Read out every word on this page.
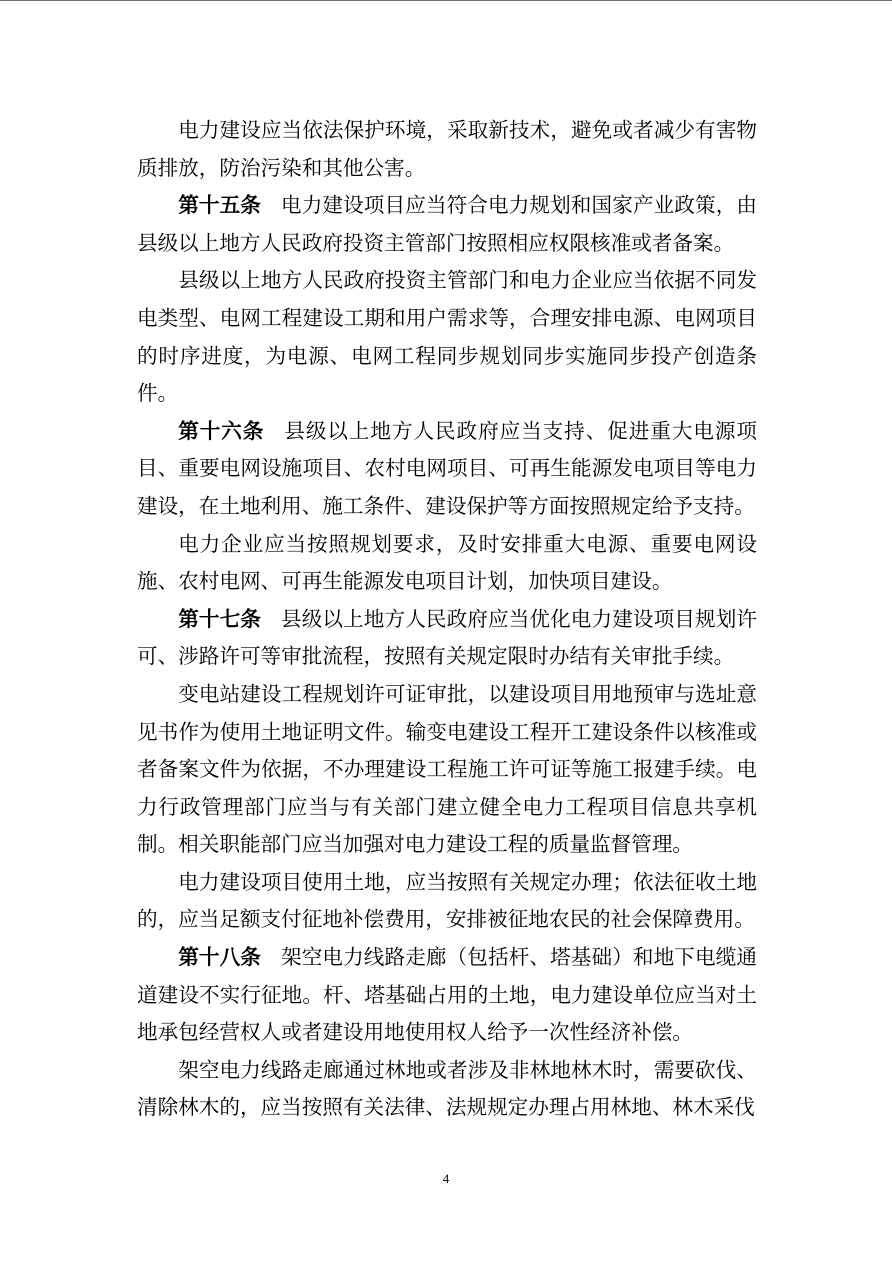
电力建设应当依法保护环境，采取新技术，避免或者减少有害物质排放，防治污染和其他公害。

第十五条 电力建设项目应当符合电力规划和国家产业政策，由县级以上地方人民政府投资主管部门按照相应权限核准或者备案。

县级以上地方人民政府投资主管部门和电力企业应当依据不同发电类型、电网工程建设工期和用户需求等，合理安排电源、电网项目的时序进度，为电源、电网工程同步规划同步实施同步投产创造条件。

第十六条 县级以上地方人民政府应当支持、促进重大电源项目、重要电网设施项目、农村电网项目、可再生能源发电项目等电力建设，在土地利用、施工条件、建设保护等方面按照规定给予支持。

电力企业应当按照规划要求，及时安排重大电源、重要电网设施、农村电网、可再生能源发电项目计划，加快项目建设。

第十七条 县级以上地方人民政府应当优化电力建设项目规划许可、涉路许可等审批流程，按照有关规定限时办结有关审批手续。

变电站建设工程规划许可证审批，以建设项目用地预审与选址意见书作为使用土地证明文件。输变电建设工程开工建设条件以核准或者备案文件为依据，不办理建设工程施工许可证等施工报建手续。电力行政管理部门应当与有关部门建立健全电力工程项目信息共享机制。相关职能部门应当加强对电力建设工程的质量监督管理。

电力建设项目使用土地，应当按照有关规定办理；依法征收土地的，应当足额支付征地补偿费用，安排被征地农民的社会保障费用。

第十八条 架空电力线路走廊（包括杆、塔基础）和地下电缆通道建设不实行征地。杆、塔基础占用的土地，电力建设单位应当对土地承包经营权人或者建设用地使用权人给予一次性经济补偿。

架空电力线路走廊通过林地或者涉及非林地林木时，需要砍伐、清除林木的，应当按照有关法律、法规规定办理占用林地、林木采伐

4
